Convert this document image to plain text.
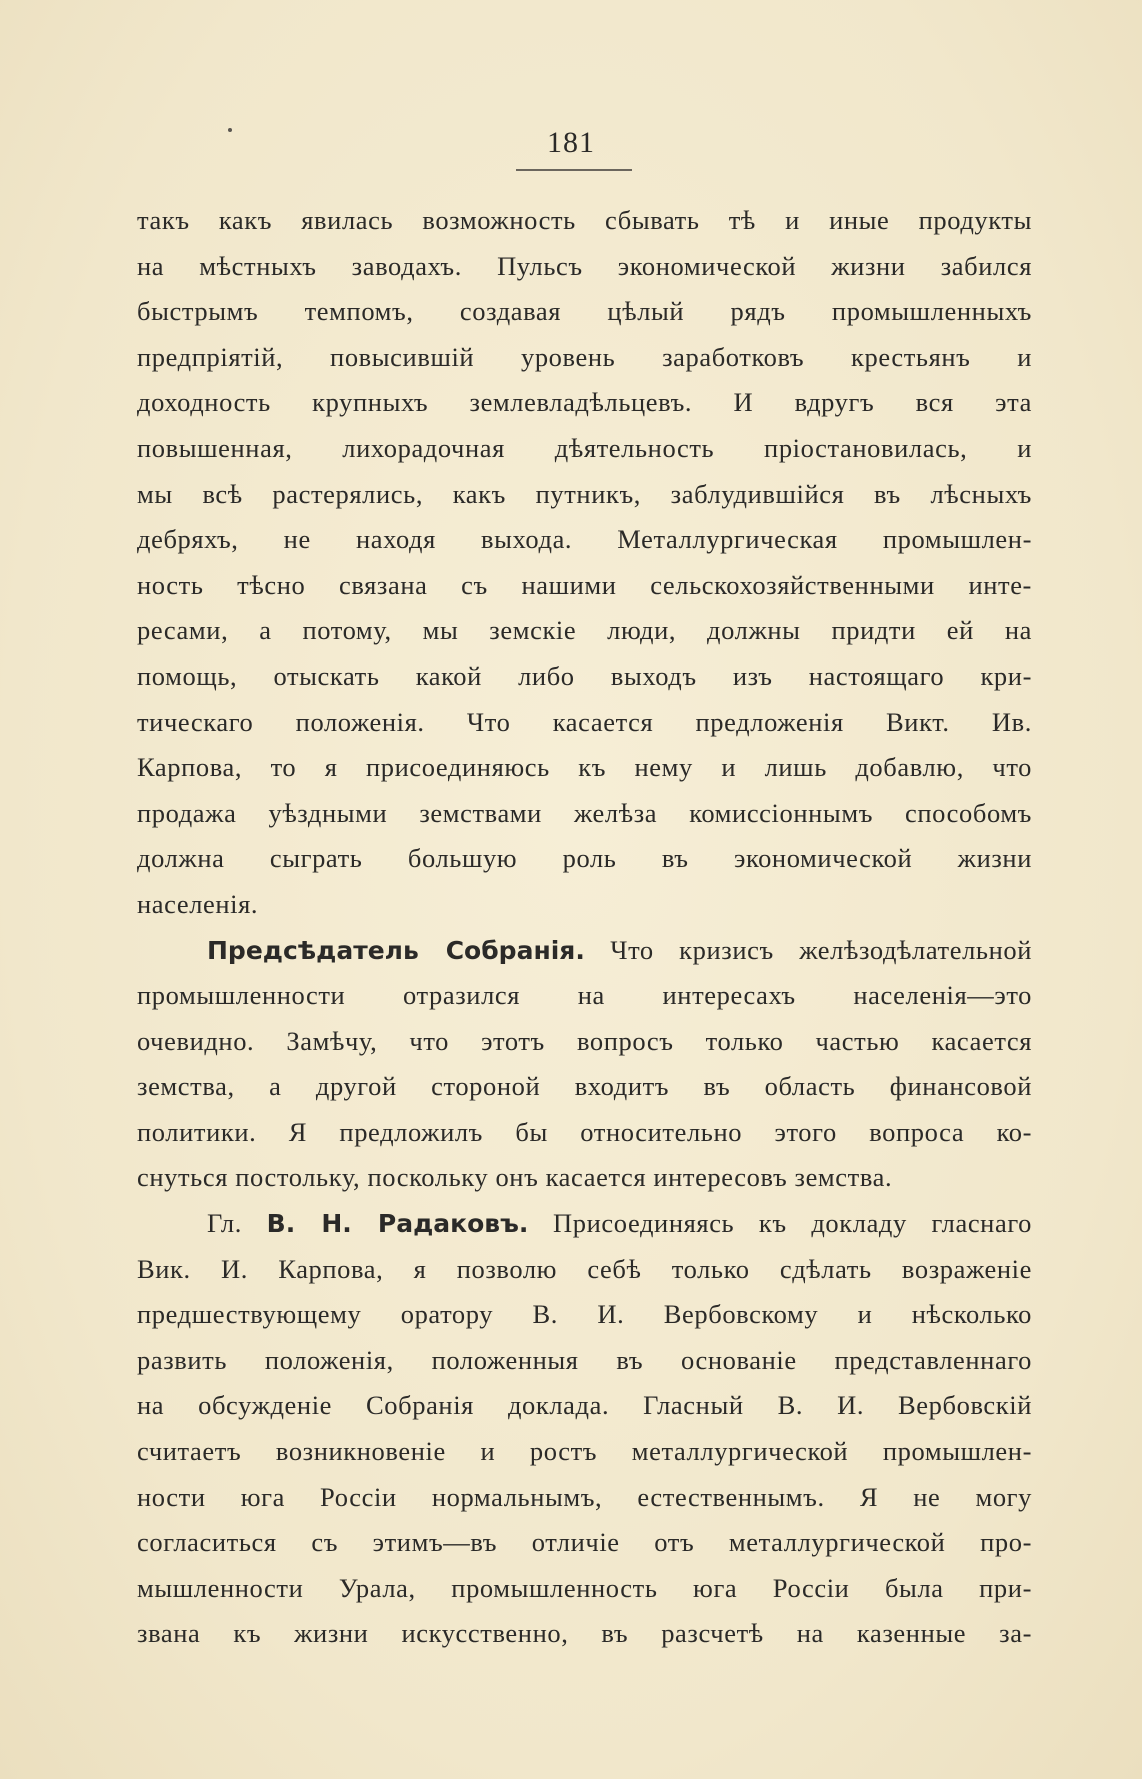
181
такъ какъ явилась возможность сбывать тѣ и иные продукты
на мѣстныхъ заводахъ. Пульсъ экономической жизни забился
быстрымъ темпомъ, создавая цѣлый рядъ промышленныхъ
предпріятій, повысившій уровень заработковъ крестьянъ и
доходность крупныхъ землевладѣльцевъ. И вдругъ вся эта
повышенная, лихорадочная дѣятельность пріостановилась, и
мы всѣ растерялись, какъ путникъ, заблудившійся въ лѣсныхъ
дебряхъ, не находя выхода. Металлургическая промышлен-
ность тѣсно связана съ нашими сельскохозяйственными инте-
ресами, а потому, мы земскіе люди, должны придти ей на
помощь, отыскать какой либо выходъ изъ настоящаго кри-
тическаго положенія. Что касается предложенія Викт. Ив.
Карпова, то я присоединяюсь къ нему и лишь добавлю, что
продажа уѣздными земствами желѣза комиссіоннымъ способомъ
должна сыграть большую роль въ экономической жизни
населенія.
Предсѣдатель Собранія. Что кризисъ желѣзодѣлательной
промышленности отразился на интересахъ населенія—это
очевидно. Замѣчу, что этотъ вопросъ только частью касается
земства, а другой стороной входитъ въ область финансовой
политики. Я предложилъ бы относительно этого вопроса ко-
снуться постольку, поскольку онъ касается интересовъ земства.
Гл. В. Н. Радаковъ. Присоединяясь къ докладу гласнаго
Вик. И. Карпова, я позволю себѣ только сдѣлать возраженіе
предшествующему оратору В. И. Вербовскому и нѣсколько
развить положенія, положенныя въ основаніе представленнаго
на обсужденіе Собранія доклада. Гласный В. И. Вербовскій
считаетъ возникновеніе и ростъ металлургической промышлен-
ности юга Россіи нормальнымъ, естественнымъ. Я не могу
согласиться съ этимъ—въ отличіе отъ металлургической про-
мышленности Урала, промышленность юга Россіи была при-
звана къ жизни искусственно, въ разсчетѣ на казенные за-
